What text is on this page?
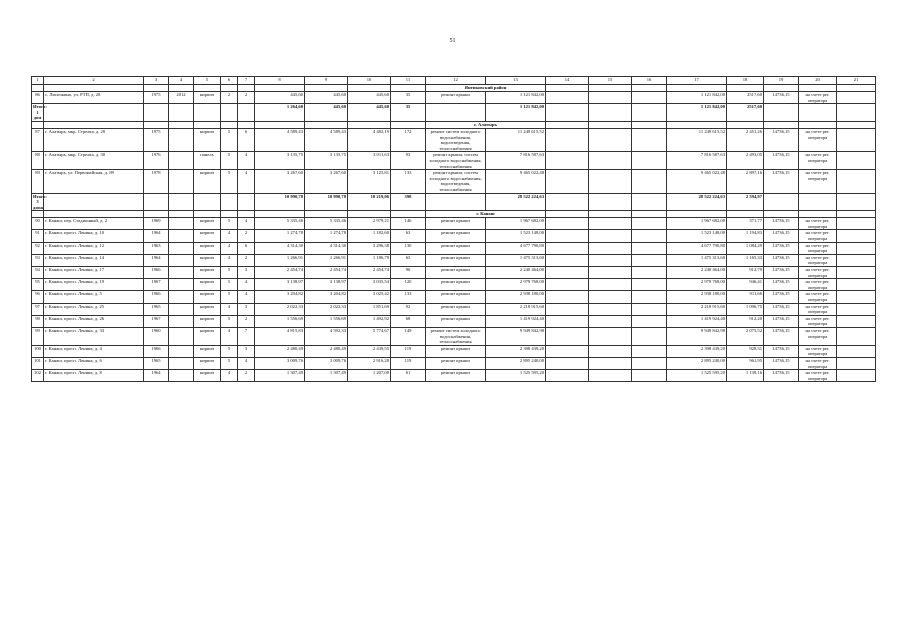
51
1	2	3	4	5	6	7	8	9	10	11	12	13	14	15	16	17	18	19	20	21
											Янтиковский район									
86	с. Лисичкино, ул. РТП, д. 28	1975	2012	кирпич	2	2	445,60	445,60	445,60	35	ремонт крыши	1 121 842,00				1 121 842,00	2517,60	14736,15	на счете рег. оператора	
Итого: 1 дом							1 264,60	445,60	445,60	35		1 121 842,00				1 121 842,00	2517,60			
											г. Алатырь									
87	г. Алатырь, мкр. Стрелка, д. 20	1975		кирпич	5	6	4 589,43	4 589,43	4 482,19	172	ремонт систем холодного водоснабжения, водоотведения, теплоснабжения	11 249 615,52				11 249 615,52	2 451,26	14736,15	на счете рег. оператора	
88	г. Алатырь, мкр. Стрелка, д. 30	1976		панель	5	4	3 135,75	3 135,75	3 011,63	93	ремонт крыши, систем холодного водоснабжения, теплоснабжения	7 816 587,63				7 816 587,63	2 493,05	14736,15	на счете рег. оператора	
89	г. Алатырь, ул. Первомайская, д. 89	1978		кирпич	5	4	3 267,60	3 267,60	3 125,81	133	ремонт крыши, систем холодного водоснабжения, водоотведения, теплоснабжения	9 465 022,48				9 465 022,48	2 897,16	14736,15	на счете рег. оператора	
Итого: 3 дома							10 990,78	10 990,78	10 219,06	398		28 522 224,63				28 522 224,63	2 594,97			
											г. Канаш									
90	г. Канаш, пер. Стадионный, д. 2	1969		кирпич	5	4	5 335,46	5 335,46	2 979,21	146	ремонт крыши	1 967 682,00				1 967 682,00	371,77	14736,15	на счете рег. оператора	
91	г. Канаш, просп. Ленина, д. 10	1964		кирпич	4	2	1 274,78	1 274,78	1 182,60	63	ремонт крыши	1 523 148,00				1 523 148,00	1 194,83	14736,15	на счете рег. оператора	
92	г. Канаш, просп. Ленина, д. 12	1963		кирпич	4	6	4 314,30	4 314,30	3 296,38	130	ремонт крыши	4 677 790,80				4 677 790,80	1 084,29	14736,15	на счете рег. оператора	
93	г. Канаш, просп. Ленина, д. 14	1964		кирпич	4	2	1 266,91	1 266,91	1 186,79	63	ремонт крыши	1 475 313,60				1 475 313,60	1 165,33	14736,15	на счете рег. оператора	
94	г. Канаш, просп. Ленина, д. 17	1966		кирпич	5	3	2 454,74	2 454,74	2 454,74	96	ремонт крыши	2 240 464,00				2 240 464,00	912,79	14736,15	на счете рег. оператора	
95	г. Канаш, просп. Ленина, д. 19	1967		кирпич	5	4	3 138,97	3 138,97	3 035,54	120	ремонт крыши	2 979 768,00				2 979 768,00	946,41	14736,15	на счете рег. оператора	
96	г. Канаш, просп. Ленина, д. 5	1966		кирпич	5	4	3 204,82	3 204,82	3 025,42	133	ремонт крыши	2 938 180,00				2 938 180,00	911,66	14736,15	на счете рег. оператора	
97	г. Канаш, просп. Ленина, д. 25	1965		кирпич	4	3	2 022,33	2 022,33	1 851,69	92	ремонт крыши	2 218 915,60				2 218 915,60	1 096,75	14736,15	на счете рег. оператора	
98	г. Канаш, просп. Ленина, д. 26	1967		кирпич	5	2	1 556,69	1 556,69	1 492,92	68	ремонт крыши	1 419 924,40				1 419 924,40	912,20	14736,15	на счете рег. оператора	
99	г. Канаш, просп. Ленина, д. 33	1960		кирпич	4	7	4 815,83	4 592,33	5 774,67	149	ремонт систем холодного водоснабжения, теплоснабжения	9 949 842,98				9 949 842,98	2 075,52	14736,15	на счете рег. оператора	
100	г. Канаш, просп. Ленина, д. 4	1966		кирпич	5	3	2 480,49	2 480,49	2 439,55	119	ремонт крыши	2 398 439,20				2 398 439,20	928,31	14736,15	на счете рег. оператора	
101	г. Канаш, просп. Ленина, д. 6	1965		кирпич	5	4	3 009,76	3 009,76	2 916,28	119	ремонт крыши	2 895 240,00				2 895 240,00	961,95	14736,15	на счете рег. оператора	
102	г. Канаш, просп. Ленина, д. 8	1964		кирпич	4	2	1 307,49	1 307,49	1 207,00	61	ремонт крыши	1 525 595,20				1 525 595,20	1 139,16	14736,15	на счете рег. оператора	
